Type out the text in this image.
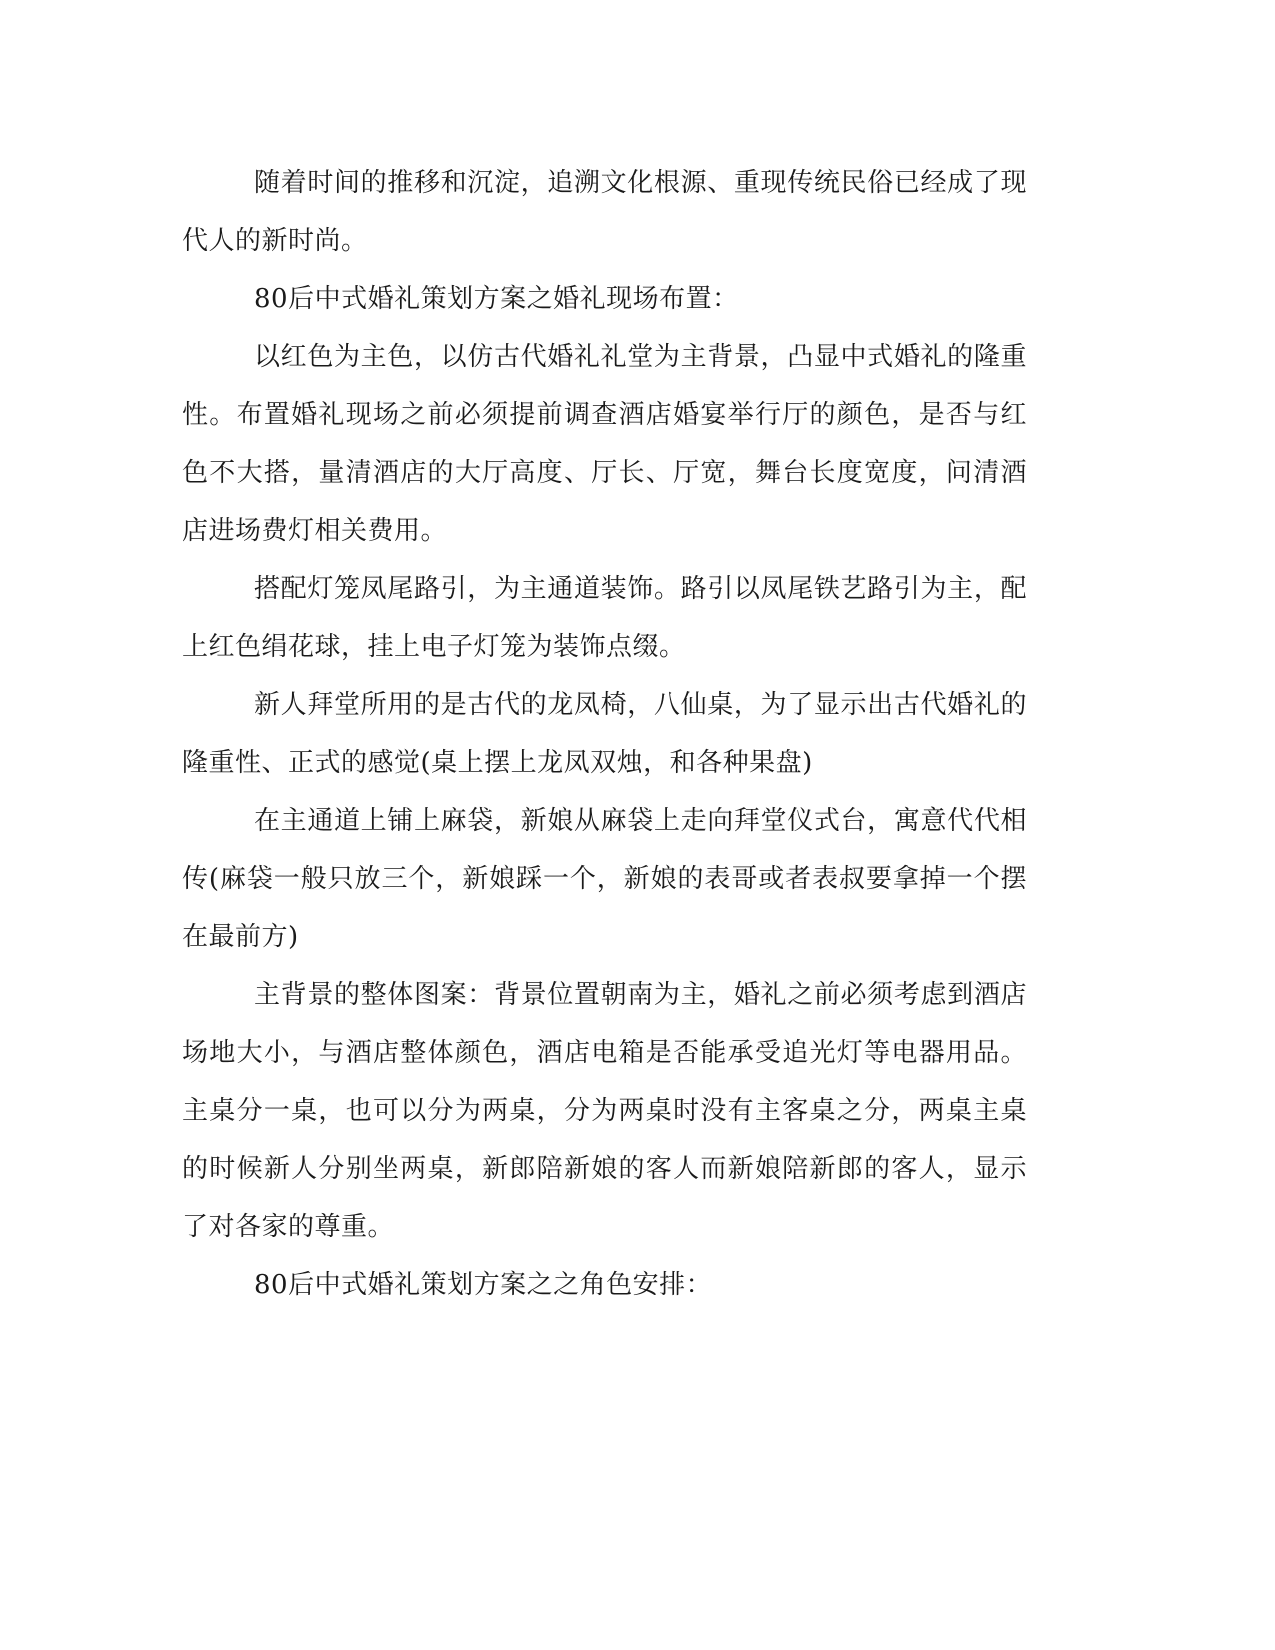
随着时间的推移和沉淀，追溯文化根源、重现传统民俗已经成了现代人的新时尚。

80后中式婚礼策划方案之婚礼现场布置：

以红色为主色，以仿古代婚礼礼堂为主背景，凸显中式婚礼的隆重性。布置婚礼现场之前必须提前调查酒店婚宴举行厅的颜色，是否与红色不大搭，量清酒店的大厅高度、厅长、厅宽，舞台长度宽度，问清酒店进场费灯相关费用。

搭配灯笼凤尾路引，为主通道装饰。路引以凤尾铁艺路引为主，配上红色绢花球，挂上电子灯笼为装饰点缀。

新人拜堂所用的是古代的龙凤椅，八仙桌，为了显示出古代婚礼的隆重性、正式的感觉(桌上摆上龙凤双烛，和各种果盘)

在主通道上铺上麻袋，新娘从麻袋上走向拜堂仪式台，寓意代代相传(麻袋一般只放三个，新娘踩一个，新娘的表哥或者表叔要拿掉一个摆在最前方)

主背景的整体图案：背景位置朝南为主，婚礼之前必须考虑到酒店场地大小，与酒店整体颜色，酒店电箱是否能承受追光灯等电器用品。主桌分一桌，也可以分为两桌，分为两桌时没有主客桌之分，两桌主桌的时候新人分别坐两桌，新郎陪新娘的客人而新娘陪新郎的客人，显示了对各家的尊重。

80后中式婚礼策划方案之之角色安排：
